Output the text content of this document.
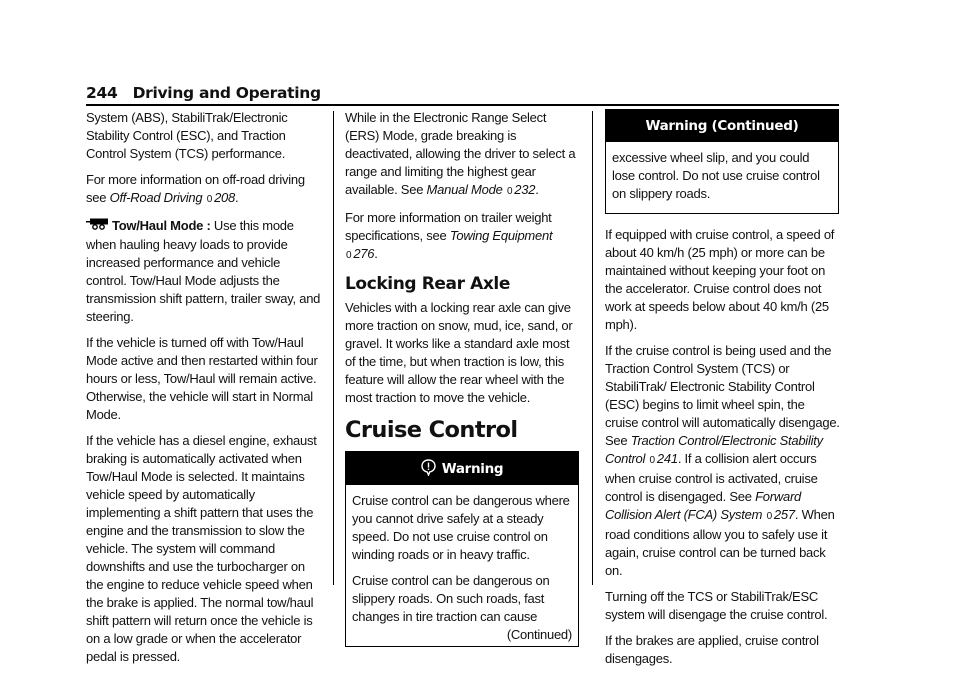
244 Driving and Operating

System (ABS), StabiliTrak/Electronic Stability Control (ESC), and Traction Control System (TCS) performance.

For more information on off-road driving see Off-Road Driving 0 208.

Tow/Haul Mode : Use this mode when hauling heavy loads to provide increased performance and vehicle control. Tow/Haul Mode adjusts the transmission shift pattern, trailer sway, and steering.

If the vehicle is turned off with Tow/Haul Mode active and then restarted within four hours or less, Tow/Haul will remain active. Otherwise, the vehicle will start in Normal Mode.

If the vehicle has a diesel engine, exhaust braking is automatically activated when Tow/Haul Mode is selected. It maintains vehicle speed by automatically implementing a shift pattern that uses the engine and the transmission to slow the vehicle. The system will command downshifts and use the turbocharger on the engine to reduce vehicle speed when the brake is applied. The normal tow/haul shift pattern will return once the vehicle is on a low grade or when the accelerator pedal is pressed.

While in the Electronic Range Select (ERS) Mode, grade breaking is deactivated, allowing the driver to select a range and limiting the highest gear available. See Manual Mode 0 232.

For more information on trailer weight specifications, see Towing Equipment 0 276.

Locking Rear Axle

Vehicles with a locking rear axle can give more traction on snow, mud, ice, sand, or gravel. It works like a standard axle most of the time, but when traction is low, this feature will allow the rear wheel with the most traction to move the vehicle.

Cruise Control
Warning

Cruise control can be dangerous where you cannot drive safely at a steady speed. Do not use cruise control on winding roads or in heavy traffic.

Cruise control can be dangerous on slippery roads. On such roads, fast changes in tire traction can cause

(Continued)
Warning (Continued)

excessive wheel slip, and you could lose control. Do not use cruise control on slippery roads.

If equipped with cruise control, a speed of about 40 km/h (25 mph) or more can be maintained without keeping your foot on the accelerator. Cruise control does not work at speeds below about 40 km/h (25 mph).

If the cruise control is being used and the Traction Control System (TCS) or StabiliTrak/ Electronic Stability Control (ESC) begins to limit wheel spin, the cruise control will automatically disengage. See Traction Control/Electronic Stability Control 0 241. If a collision alert occurs when cruise control is activated, cruise control is disengaged. See Forward Collision Alert (FCA) System 0 257. When road conditions allow you to safely use it again, cruise control can be turned back on.

Turning off the TCS or StabiliTrak/ESC system will disengage the cruise control.

If the brakes are applied, cruise control disengages.
